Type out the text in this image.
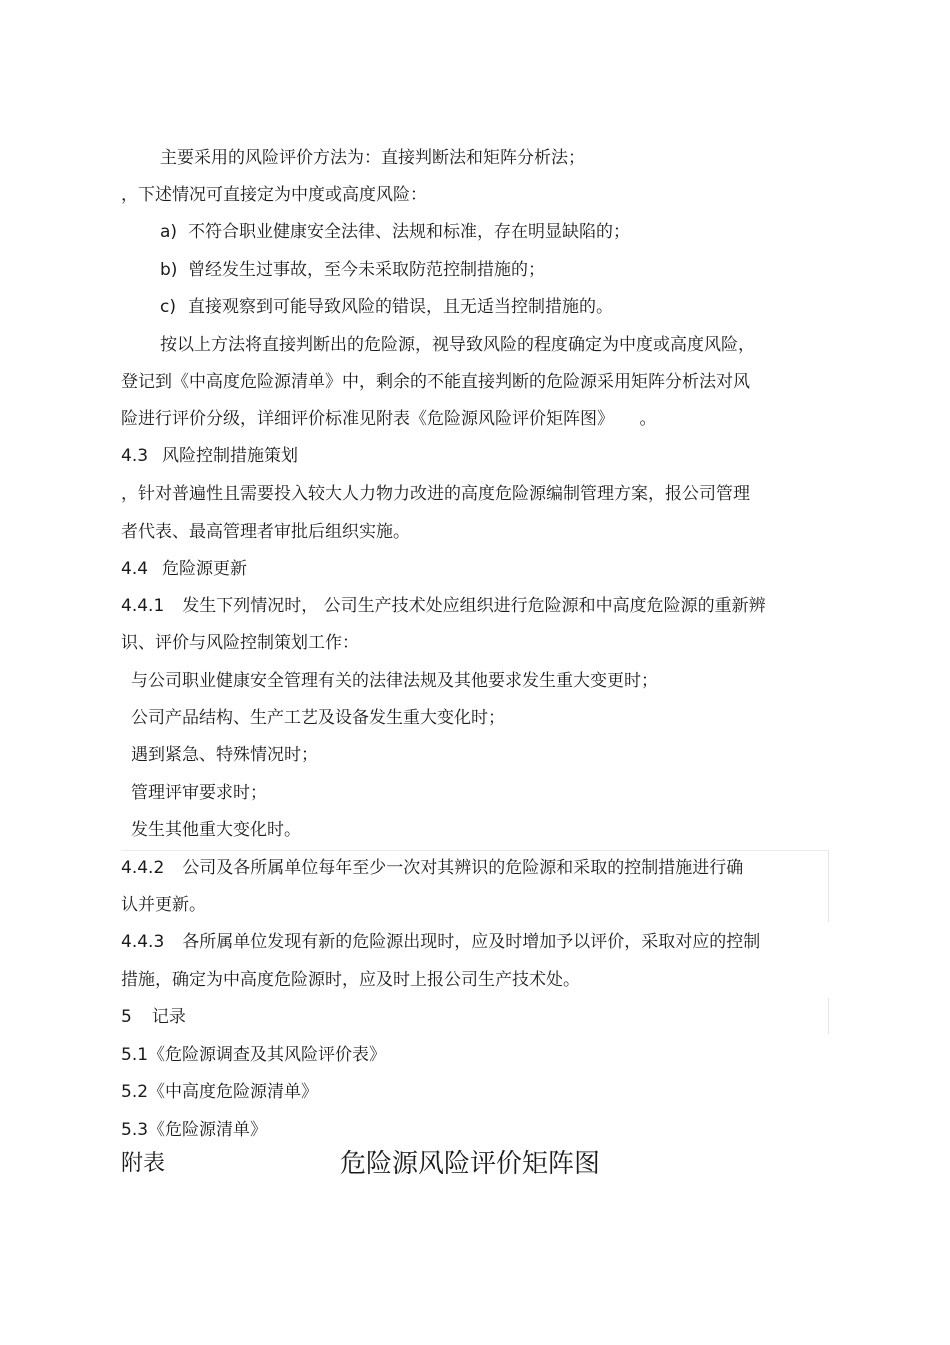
主要采用的风险评价方法为：直接判断法和矩阵分析法；
，下述情况可直接定为中度或高度风险：
a) 不符合职业健康安全法律、法规和标准，存在明显缺陷的；
b) 曾经发生过事故，至今未采取防范控制措施的；
c) 直接观察到可能导致风险的错误，且无适当控制措施的。
按以上方法将直接判断出的危险源，视导致风险的程度确定为中度或高度风险，
登记到《中高度危险源清单》中，剩余的不能直接判断的危险源采用矩阵分析法对风
险进行评价分级，详细评价标准见附表《危险源风险评价矩阵图》 。
4.3 风险控制措施策划
，针对普遍性且需要投入较大人力物力改进的高度危险源编制管理方案，报公司管理
者代表、最高管理者审批后组织实施。
4.4 危险源更新
4.4.1 发生下列情况时， 公司生产技术处应组织进行危险源和中高度危险源的重新辨
识、评价与风险控制策划工作：
与公司职业健康安全管理有关的法律法规及其他要求发生重大变更时；
公司产品结构、生产工艺及设备发生重大变化时；
遇到紧急、特殊情况时；
管理评审要求时；
发生其他重大变化时。
4.4.2 公司及各所属单位每年至少一次对其辨识的危险源和采取的控制措施进行确
认并更新。
4.4.3 各所属单位发现有新的危险源出现时，应及时增加予以评价，采取对应的控制
措施，确定为中高度危险源时，应及时上报公司生产技术处。
5 记录
5.1《危险源调查及其风险评价表》
5.2《中高度危险源清单》
5.3《危险源清单》
附表	危险源风险评价矩阵图
